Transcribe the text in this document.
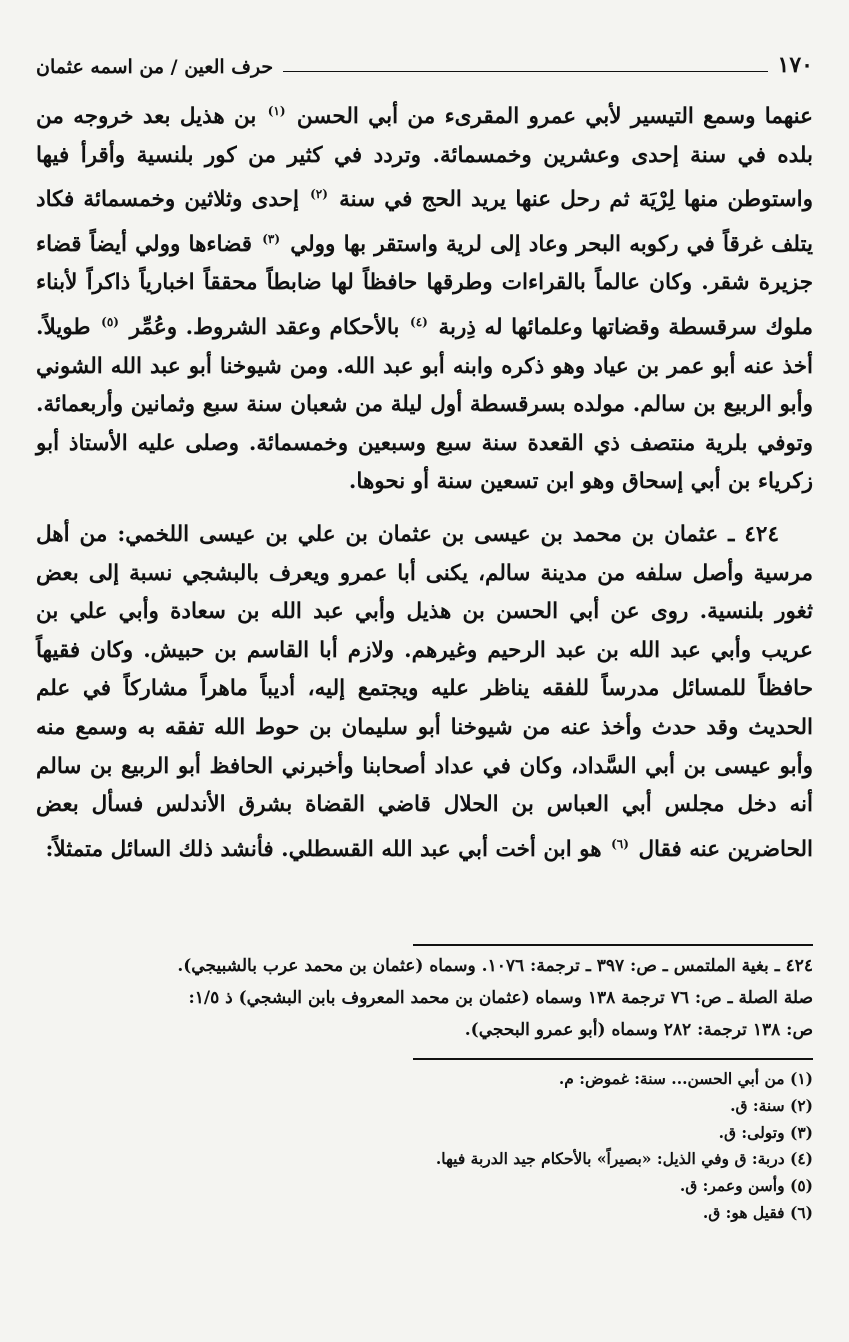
١٧٠
حرف العين / من اسمه عثمان

عنهما وسمع التيسير لأبي عمرو المقرىء من أبي الحسن $^{(١)}$ بن هذيل بعد خروجه من بلده في سنة إحدى وعشرين وخمسمائة. وتردد في كثير من كور بلنسية وأقرأ فيها واستوطن منها لِرْيَة ثم رحل عنها يريد الحج في سنة $^{(٢)}$ إحدى وثلاثين وخمسمائة فكاد يتلف غرقاً في ركوبه البحر وعاد إلى لرية واستقر بها وولي $^{(٣)}$ قضاءها وولي أيضاً قضاء جزيرة شقر. وكان عالماً بالقراءات وطرقها حافظاً لها ضابطاً محققاً اخبارياً ذاكراً لأبناء ملوك سرقسطة وقضاتها وعلمائها له ذِربة $^{(٤)}$ بالأحكام وعقد الشروط. وعُمِّر $^{(٥)}$ طويلاً. أخذ عنه أبو عمر بن عياد وهو ذكره وابنه أبو عبد الله. ومن شيوخنا أبو عبد الله الشوني وأبو الربيع بن سالم. مولده بسرقسطة أول ليلة من شعبان سنة سبع وثمانين وأربعمائة. وتوفي بلرية منتصف ذي القعدة سنة سبع وسبعين وخمسمائة. وصلى عليه الأستاذ أبو زكرياء بن أبي إسحاق وهو ابن تسعين سنة أو نحوها.

٤٢٤ ـ عثمان بن محمد بن عيسى بن عثمان بن علي بن عيسى اللخمي: من أهل مرسية وأصل سلفه من مدينة سالم، يكنى أبا عمرو ويعرف بالبشجي نسبة إلى بعض ثغور بلنسية. روى عن أبي الحسن بن هذيل وأبي عبد الله بن سعادة وأبي علي بن عريب وأبي عبد الله بن عبد الرحيم وغيرهم. ولازم أبا القاسم بن حبيش. وكان فقيهاً حافظاً للمسائل مدرساً للفقه يناظر عليه ويجتمع إليه، أديباً ماهراً مشاركاً في علم الحديث وقد حدث وأخذ عنه من شيوخنا أبو سليمان بن حوط الله تفقه به وسمع منه وأبو عيسى بن أبي السَّداد، وكان في عداد أصحابنا وأخبرني الحافظ أبو الربيع بن سالم أنه دخل مجلس أبي العباس بن الحلال قاضي القضاة بشرق الأندلس فسأل بعض الحاضرين عنه فقال $^{(٦)}$ هو ابن أخت أبي عبد الله القسطلي. فأنشد ذلك السائل متمثلاً:

٤٢٤ ـ بغية الملتمس ـ ص: ٣٩٧ ـ ترجمة: ١٠٧٦. وسماه (عثمان بن محمد عرب بالشبيجي).

صلة الصلة ـ ص: ٧٦ ترجمة ١٣٨ وسماه (عثمان بن محمد المعروف بابن البشجي) ذ ١/٥:

ص: ١٣٨ ترجمة: ٢٨٢ وسماه (أبو عمرو البحجي).

(١) من أبي الحسن... سنة: غموض: م.
(٢) سنة: ق.
(٣) وتولى: ق.
(٤) دربة: ق وفي الذيل: «بصيراً» بالأحكام جيد الدربة فيها.
(٥) وأسن وعمر: ق.
(٦) فقيل هو: ق.
